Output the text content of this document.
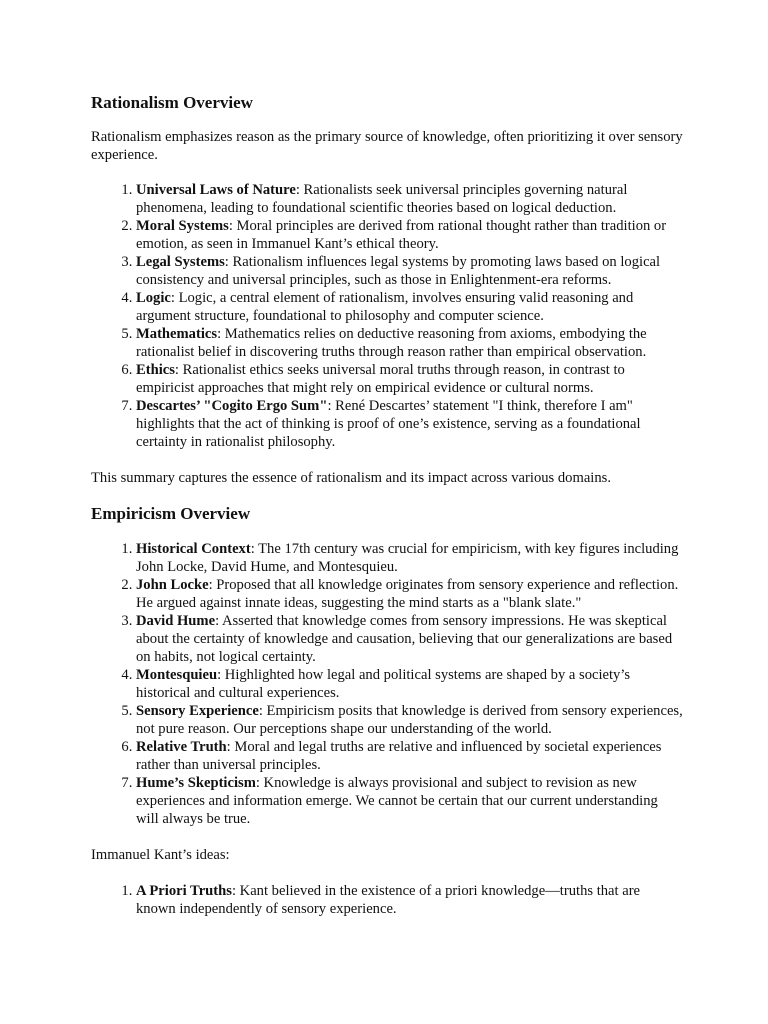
Rationalism Overview

Rationalism emphasizes reason as the primary source of knowledge, often prioritizing it over sensory experience.

1. Universal Laws of Nature: Rationalists seek universal principles governing natural phenomena, leading to foundational scientific theories based on logical deduction.
2. Moral Systems: Moral principles are derived from rational thought rather than tradition or emotion, as seen in Immanuel Kant’s ethical theory.
3. Legal Systems: Rationalism influences legal systems by promoting laws based on logical consistency and universal principles, such as those in Enlightenment-era reforms.
4. Logic: Logic, a central element of rationalism, involves ensuring valid reasoning and argument structure, foundational to philosophy and computer science.
5. Mathematics: Mathematics relies on deductive reasoning from axioms, embodying the rationalist belief in discovering truths through reason rather than empirical observation.
6. Ethics: Rationalist ethics seeks universal moral truths through reason, in contrast to empiricist approaches that might rely on empirical evidence or cultural norms.
7. Descartes’ "Cogito Ergo Sum": René Descartes’ statement "I think, therefore I am" highlights that the act of thinking is proof of one’s existence, serving as a foundational certainty in rationalist philosophy.

This summary captures the essence of rationalism and its impact across various domains.

Empiricism Overview
1. Historical Context: The 17th century was crucial for empiricism, with key figures including John Locke, David Hume, and Montesquieu.
2. John Locke: Proposed that all knowledge originates from sensory experience and reflection. He argued against innate ideas, suggesting the mind starts as a "blank slate."
3. David Hume: Asserted that knowledge comes from sensory impressions. He was skeptical about the certainty of knowledge and causation, believing that our generalizations are based on habits, not logical certainty.
4. Montesquieu: Highlighted how legal and political systems are shaped by a society’s historical and cultural experiences.
5. Sensory Experience: Empiricism posits that knowledge is derived from sensory experiences, not pure reason. Our perceptions shape our understanding of the world.
6. Relative Truth: Moral and legal truths are relative and influenced by societal experiences rather than universal principles.
7. Hume’s Skepticism: Knowledge is always provisional and subject to revision as new experiences and information emerge. We cannot be certain that our current understanding will always be true.

Immanuel Kant’s ideas:

1. A Priori Truths: Kant believed in the existence of a priori knowledge—truths that are known independently of sensory experience.
